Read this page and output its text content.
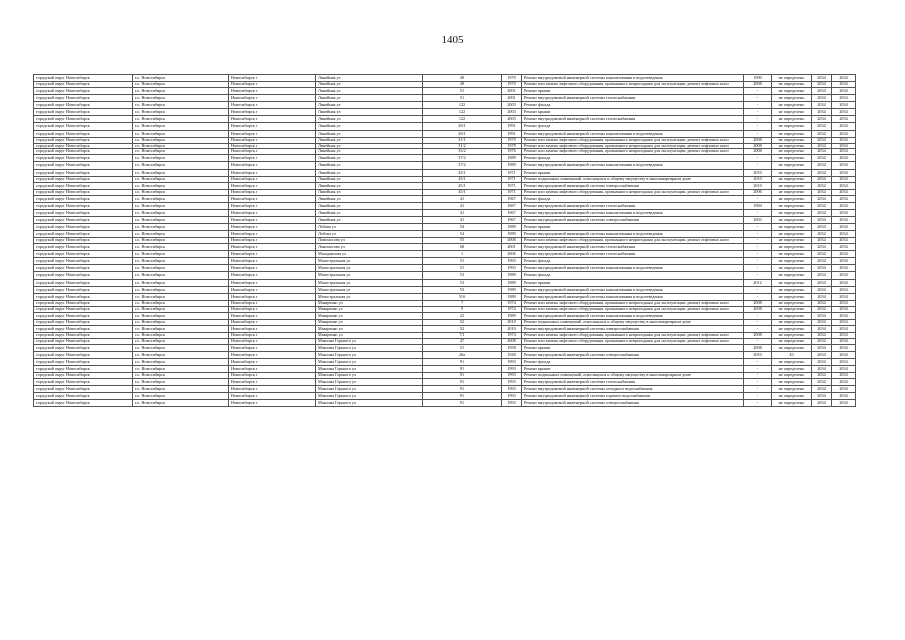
1405
городской округ Новосибирск	г.о. Новосибирск	Новосибирск г	Линейная ул	49	1970	Ремонт внутридомовой инженерной системы канализования и водоотведения	1990	не определено	2034	2034
городской округ Новосибирск	г.о. Новосибирск	Новосибирск г	Линейная ул	49	1970	Ремонт или замена лифтового оборудования, признанного непригодным для эксплуатации, ремонт лифтовых шахт	2008	не определено	2034	2034
городской округ Новосибирск	г.о. Новосибирск	Новосибирск г	Линейная ул	51	2001	Ремонт крыши	-	не определено	2034	2034
городской округ Новосибирск	г.о. Новосибирск	Новосибирск г	Линейная ул	51	2001	Ремонт внутридомовой инженерной системы теплоснабжения	-	не определено	2034	2034
городской округ Новосибирск	г.о. Новосибирск	Новосибирск г	Линейная ул	122	2003	Ремонт фасада	-	не определено	2034	2034
городской округ Новосибирск	г.о. Новосибирск	Новосибирск г	Линейная ул	122	2003	Ремонт крыши	-	не определено	2034	2034
городской округ Новосибирск	г.о. Новосибирск	Новосибирск г	Линейная ул	122	2003	Ремонт внутридомовой инженерной системы теплоснабжения	-	не определено	2034	2034
городской округ Новосибирск	г.о. Новосибирск	Новосибирск г	Линейная ул	29/1	1991	Ремонт фасада	-	не определено	2034	2034
городской округ Новосибирск	г.о. Новосибирск	Новосибирск г	Линейная ул	29/1	1991	Ремонт внутридомовой инженерной системы канализования и водоотведения	-	не определено	2034	2034
городской округ Новосибирск	г.о. Новосибирск	Новосибирск г	Линейная ул	31/1	1979	Ремонт или замена лифтового оборудования, признанного непригодным для эксплуатации, ремонт лифтовых шахт	2008	не определено	2034	2034
городской округ Новосибирск	г.о. Новосибирск	Новосибирск г	Линейная ул	31/2	1979	Ремонт или замена лифтового оборудования, признанного непригодным для эксплуатации, ремонт лифтовых шахт	2008	не определено	2034	2034
городской округ Новосибирск	г.о. Новосибирск	Новосибирск г	Линейная ул	33/2	1976	Ремонт или замена лифтового оборудования, признанного непригодным для эксплуатации, ремонт лифтовых шахт	2008	не определено	2034	2034
городской округ Новосибирск	г.о. Новосибирск	Новосибирск г	Линейная ул	37/2	1989	Ремонт фасада	-	не определено	2034	2034
городской округ Новосибирск	г.о. Новосибирск	Новосибирск г	Линейная ул	37/2	1989	Ремонт внутридомовой инженерной системы канализования и водоотведения	-	не определено	2034	2034
городской округ Новосибирск	г.о. Новосибирск	Новосибирск г	Линейная ул	45/1	1971	Ремонт крыши	2010	не определено	2034	2034
городской округ Новосибирск	г.о. Новосибирск	Новосибирск г	Линейная ул	45/1	1971	Ремонт подвальных помещений, относящихся к общему имуществу в многоквартирном доме	2010	не определено	2034	2034
городской округ Новосибирск	г.о. Новосибирск	Новосибирск г	Линейная ул	45/1	1971	Ремонт внутридомовой инженерной системы электроснабжения	2010	не определено	2034	2034
городской округ Новосибирск	г.о. Новосибирск	Новосибирск г	Линейная ул	45/1	1971	Ремонт или замена лифтового оборудования, признанного непригодным для эксплуатации, ремонт лифтовых шахт	2006	не определено	2034	2034
городской округ Новосибирск	г.о. Новосибирск	Новосибирск г	Линейная ул	41	1967	Ремонт фасада	-	не определено	2034	2034
городской округ Новосибирск	г.о. Новосибирск	Новосибирск г	Линейная ул	41	1967	Ремонт внутридомовой инженерной системы теплоснабжения	1984	не определено	2034	2034
городской округ Новосибирск	г.о. Новосибирск	Новосибирск г	Линейная ул	41	1967	Ремонт внутридомовой инженерной системы канализования и водоотведения	-	не определено	2034	2034
городской округ Новосибирск	г.о. Новосибирск	Новосибирск г	Линейная ул	41	1967	Ремонт внутридомовой инженерной системы электроснабжения	2003	не определено	2034	2034
городской округ Новосибирск	г.о. Новосибирск	Новосибирск г	Лобова ул	54	1989	Ремонт крыши	-	не определено	2034	2034
городской округ Новосибирск	г.о. Новосибирск	Новосибирск г	Лобова ул	54	1989	Ремонт внутридомовой инженерной системы канализования и водоотведения	-	не определено	2034	2034
городской округ Новосибирск	г.о. Новосибирск	Новосибирск г	Ломоносова ул	55	2006	Ремонт или замена лифтового оборудования, признанного непригодным для эксплуатации, ремонт лифтовых шахт	-	не определено	2034	2034
городской округ Новосибирск	г.о. Новосибирск	Новосибирск г	Ломоносова ул	68	2001	Ремонт внутридомовой инженерной системы теплоснабжения	-	не определено	2034	2034
городской округ Новосибирск	г.о. Новосибирск	Новосибирск г	Магаданская ул	1	2006	Ремонт внутридомовой инженерной системы теплоснабжения	-	не определено	2034	2034
городской округ Новосибирск	г.о. Новосибирск	Новосибирск г	Магистральная ул	51	1993	Ремонт фасада	-	не определено	2034	2034
городской округ Новосибирск	г.о. Новосибирск	Новосибирск г	Магистральная ул	51	1993	Ремонт внутридомовой инженерной системы канализования и водоотведения	-	не определено	2034	2034
городской округ Новосибирск	г.о. Новосибирск	Новосибирск г	Магистральная ул	53	1989	Ремонт фасада	-	не определено	2034	2034
городской округ Новосибирск	г.о. Новосибирск	Новосибирск г	Магистральная ул	53	1989	Ремонт крыши	2012	не определено	2034	2034
городской округ Новосибирск	г.о. Новосибирск	Новосибирск г	Магистральная ул	53	1989	Ремонт внутридомовой инженерной системы канализования и водоотведения	-	не определено	2034	2034
городской округ Новосибирск	г.о. Новосибирск	Новосибирск г	Магистральная ул	51б	1989	Ремонт внутридомовой инженерной системы канализования и водоотведения	-	не определено	2034	2034
городской округ Новосибирск	г.о. Новосибирск	Новосибирск г	Макаренко ул	7	1974	Ремонт или замена лифтового оборудования, признанного непригодным для эксплуатации, ремонт лифтовых шахт	2008	не определено	2034	2034
городской округ Новосибирск	г.о. Новосибирск	Новосибирск г	Макаренко ул	9	1974	Ремонт или замена лифтового оборудования, признанного непригодным для эксплуатации, ремонт лифтовых шахт	2008	не определено	2034	2034
городской округ Новосибирск	г.о. Новосибирск	Новосибирск г	Макаренко ул	22	1989	Ремонт внутридомовой инженерной системы канализования и водоотведения	-	не определено	2034	2034
городской округ Новосибирск	г.о. Новосибирск	Новосибирск г	Макаренко ул	52	2010	Ремонт подвальных помещений, относящихся к общему имуществу в многоквартирном доме	-	не определено	2034	2034
городской округ Новосибирск	г.о. Новосибирск	Новосибирск г	Макаренко ул	52	2010	Ремонт внутридомовой инженерной системы электроснабжения	-	не определено	2034	2034
городской округ Новосибирск	г.о. Новосибирск	Новосибирск г	Макаренко ул	7/1	1974	Ремонт или замена лифтового оборудования, признанного непригодным для эксплуатации, ремонт лифтовых шахт	2008	не определено	2034	2034
городской округ Новосибирск	г.о. Новосибирск	Новосибирск г	Максима Горького ул	47	2008	Ремонт или замена лифтового оборудования, признанного непригодным для эксплуатации, ремонт лифтовых шахт	-	не определено	2034	2034
городской округ Новосибирск	г.о. Новосибирск	Новосибирск г	Максима Горького ул	51	1958	Ремонт крыши	2008	не определено	2034	2034
городской округ Новосибирск	г.о. Новосибирск	Новосибирск г	Максима Горького ул	26а	1948	Ремонт внутридомовой инженерной системы электроснабжения	2010	45	2034	2034
городской округ Новосибирск	г.о. Новосибирск	Новосибирск г	Максима Горького ул	91	1993	Ремонт фасада	-	не определено	2034	2034
городской округ Новосибирск	г.о. Новосибирск	Новосибирск г	Максима Горького ул	91	1993	Ремонт крыши	-	не определено	2034	2034
городской округ Новосибирск	г.о. Новосибирск	Новосибирск г	Максима Горького ул	91	1993	Ремонт подвальных помещений, относящихся к общему имуществу в многоквартирном доме	-	не определено	2034	2034
городской округ Новосибирск	г.о. Новосибирск	Новосибирск г	Максима Горького ул	91	1993	Ремонт внутридомовой инженерной системы теплоснабжения	-	не определено	2034	2034
городской округ Новосибирск	г.о. Новосибирск	Новосибирск г	Максима Горького ул	91	1993	Ремонт внутридомовой инженерной системы холодного водоснабжения	-	не определено	2034	2034
городской округ Новосибирск	г.о. Новосибирск	Новосибирск г	Максима Горького ул	91	1993	Ремонт внутридомовой инженерной системы горячего водоснабжения	-	не определено	2034	2034
городской округ Новосибирск	г.о. Новосибирск	Новосибирск г	Максима Горького ул	91	1993	Ремонт внутридомовой инженерной системы электроснабжения	-	не определено	2034	2034
